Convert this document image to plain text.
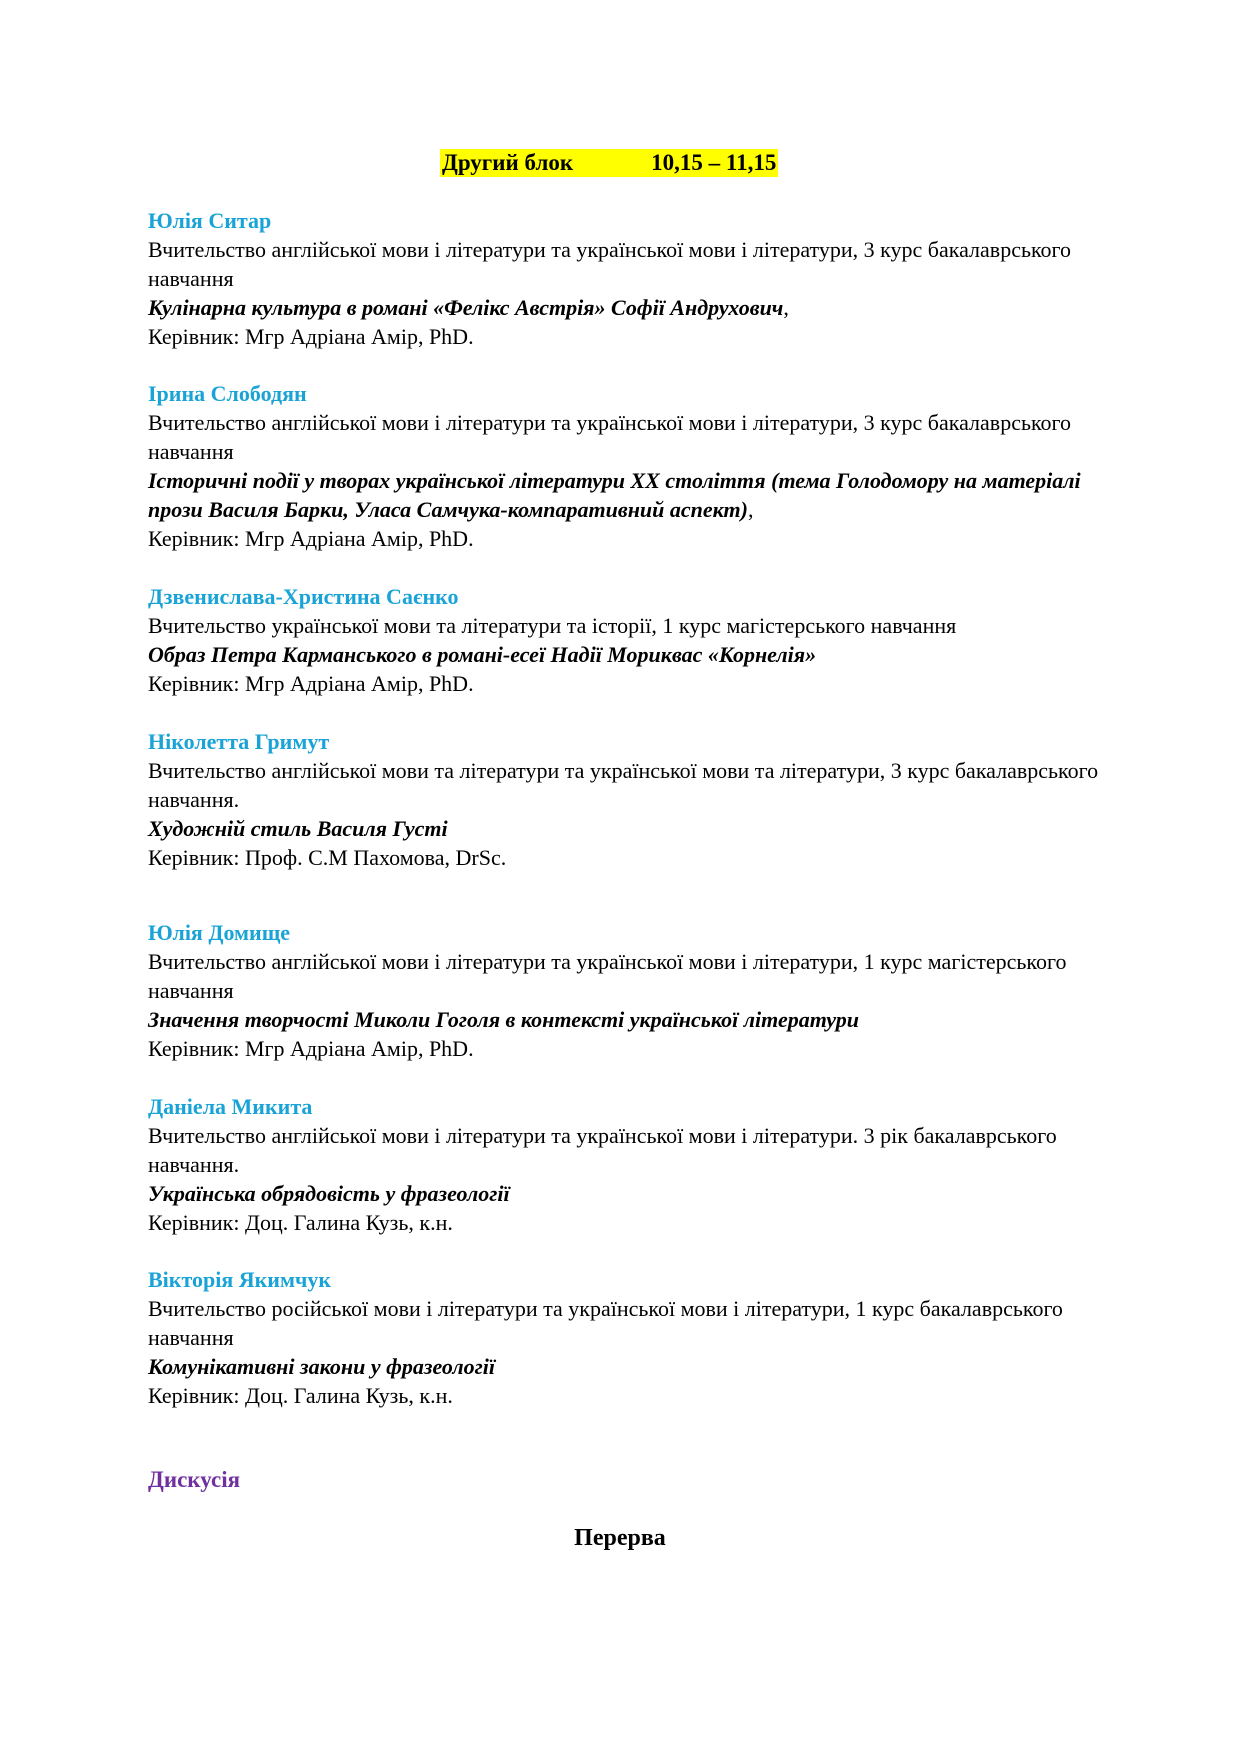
Другий блок	10,15 – 11,15
Юлія Ситар
Вчительство англійської мови і літератури та української мови і літератури, 3 курс бакалаврського навчання
Кулінарна культура в романі «Фелікс Австрія» Софії Андрухович,
Керівник: Мгр Адріана Амір, PhD.
Ірина Слободян
Вчительство англійської мови і літератури та української мови і літератури, 3 курс бакалаврського навчання
Історичні події у творах української літератури ХХ століття (тема Голодомору на матеріалі прози Василя Барки, Уласа Самчука-компаративний аспект),
Керівник: Мгр Адріана Амір, PhD.
Дзвенислава-Христина Саєнко
Вчительство української мови та літератури та історії, 1 курс магістерського навчання
Образ Петра Карманського в романі-есеї Надії Мориквас «Корнелія»
Керівник: Мгр Адріана Амір, PhD.
Ніколетта Гримут
Вчительство англійської мови та літератури та української мови та літератури, 3 курс бакалаврського навчання.
Художній стиль Василя Густі
Керівник: Проф. С.М Пахомова, DrSc.
Юлія Домище
Вчительство англійської мови і літератури та української мови і літератури, 1 курс магістерського навчання
Значення творчості Миколи Гоголя в контексті української літератури
Керівник: Мгр Адріана Амір, PhD.
Даніела Микита
Вчительство англійської мови і літератури та української мови і літератури. 3 рік бакалаврського навчання.
Українська обрядовість у фразеології
Керівник: Доц. Галина Кузь, к.н.
Вікторія Якимчук
Вчительство російської мови і літератури та української мови і літератури, 1 курс бакалаврського навчання
Комунікативні закони у фразеології
Керівник: Доц. Галина Кузь, к.н.
Дискусія
Перерва
